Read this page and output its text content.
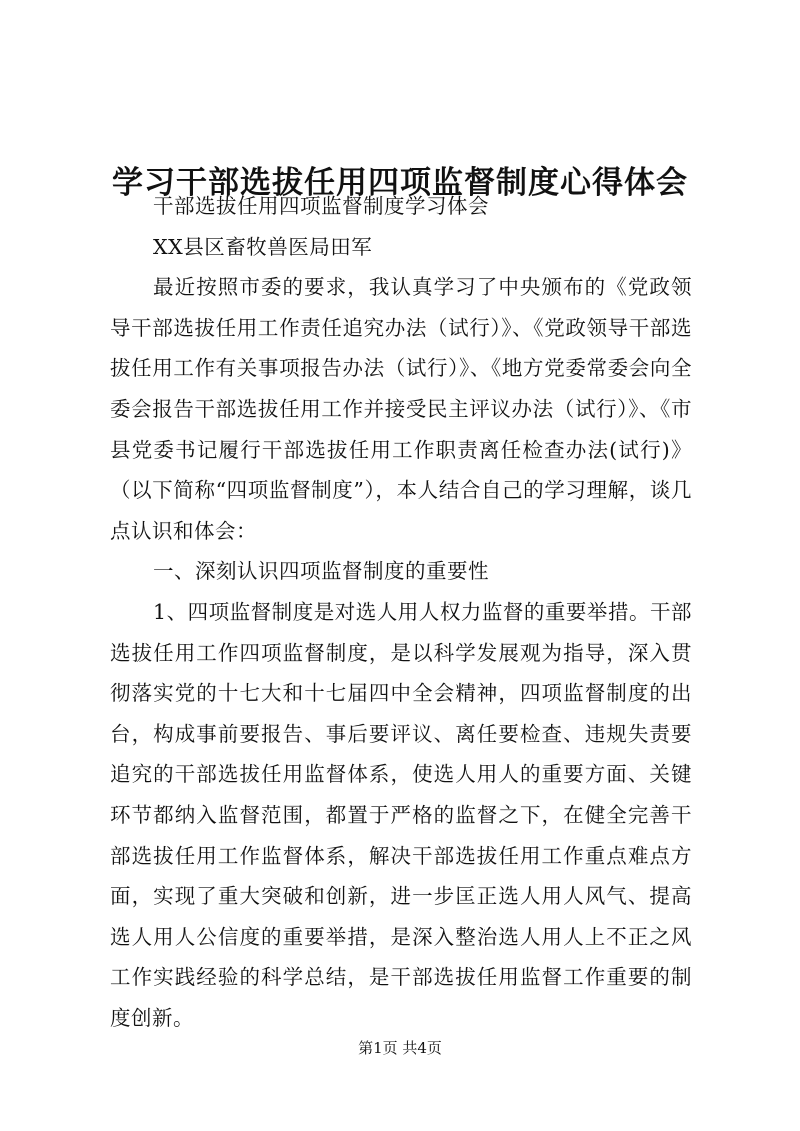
学习干部选拔任用四项监督制度心得体会

干部选拔任用四项监督制度学习体会

XX县区畜牧兽医局田军

最近按照市委的要求，我认真学习了中央颁布的《党政领导干部选拔任用工作责任追究办法（试行）》、《党政领导干部选拔任用工作有关事项报告办法（试行）》、《地方党委常委会向全委会报告干部选拔任用工作并接受民主评议办法（试行）》、《市县党委书记履行干部选拔任用工作职责离任检查办法(试行)》（以下简称“四项监督制度”），本人结合自己的学习理解，谈几点认识和体会：

一、深刻认识四项监督制度的重要性

1、四项监督制度是对选人用人权力监督的重要举措。干部选拔任用工作四项监督制度，是以科学发展观为指导，深入贯彻落实党的十七大和十七届四中全会精神，四项监督制度的出台，构成事前要报告、事后要评议、离任要检查、违规失责要追究的干部选拔任用监督体系，使选人用人的重要方面、关键环节都纳入监督范围，都置于严格的监督之下，在健全完善干部选拔任用工作监督体系，解决干部选拔任用工作重点难点方面，实现了重大突破和创新，进一步匡正选人用人风气、提高选人用人公信度的重要举措，是深入整治选人用人上不正之风工作实践经验的科学总结，是干部选拔任用监督工作重要的制度创新。

第1页 共4页
